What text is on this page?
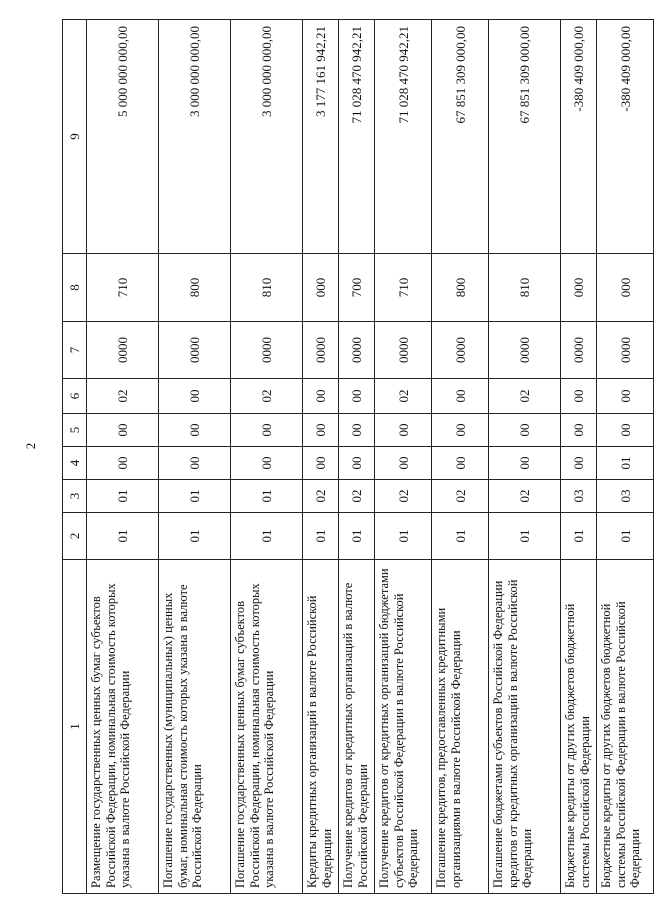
2
1	2	3	4	5	6	7	8	9
Размещение государственных ценных бумаг субъектов Российской Федерации, номинальная стоимость которых указана в валюте Российской Федерации	01	01	00	00	02	0000	710	5 000 000 000,00
Погашение государственных (муниципальных) ценных бумаг, номинальная стоимость которых указана в валюте Российской Федерации	01	01	00	00	00	0000	800	3 000 000 000,00
Погашение государственных ценных бумаг субъектов Российской Федерации, номинальная стоимость которых указана в валюте Российской Федерации	01	01	00	00	02	0000	810	3 000 000 000,00
Кредиты кредитных организаций в валюте Российской Федерации	01	02	00	00	00	0000	000	3 177 161 942,21
Получение кредитов от кредитных организаций в валюте Российской Федерации	01	02	00	00	00	0000	700	71 028 470 942,21
Получение кредитов от кредитных организаций бюджетами субъектов Российской Федерации в валюте Российской Федерации	01	02	00	00	02	0000	710	71 028 470 942,21
Погашение кредитов, предоставленных кредитными организациями в валюте Российской Федерации	01	02	00	00	00	0000	800	67 851 309 000,00
Погашение бюджетами субъектов Российской Федерации кредитов от кредитных организаций в валюте Российской Федерации	01	02	00	00	02	0000	810	67 851 309 000,00
Бюджетные кредиты от других бюджетов бюджетной системы Российской Федерации	01	03	00	00	00	0000	000	-380 409 000,00
Бюджетные кредиты от других бюджетов бюджетной системы Российской Федерации в валюте Российской Федерации	01	03	01	00	00	0000	000	-380 409 000,00
